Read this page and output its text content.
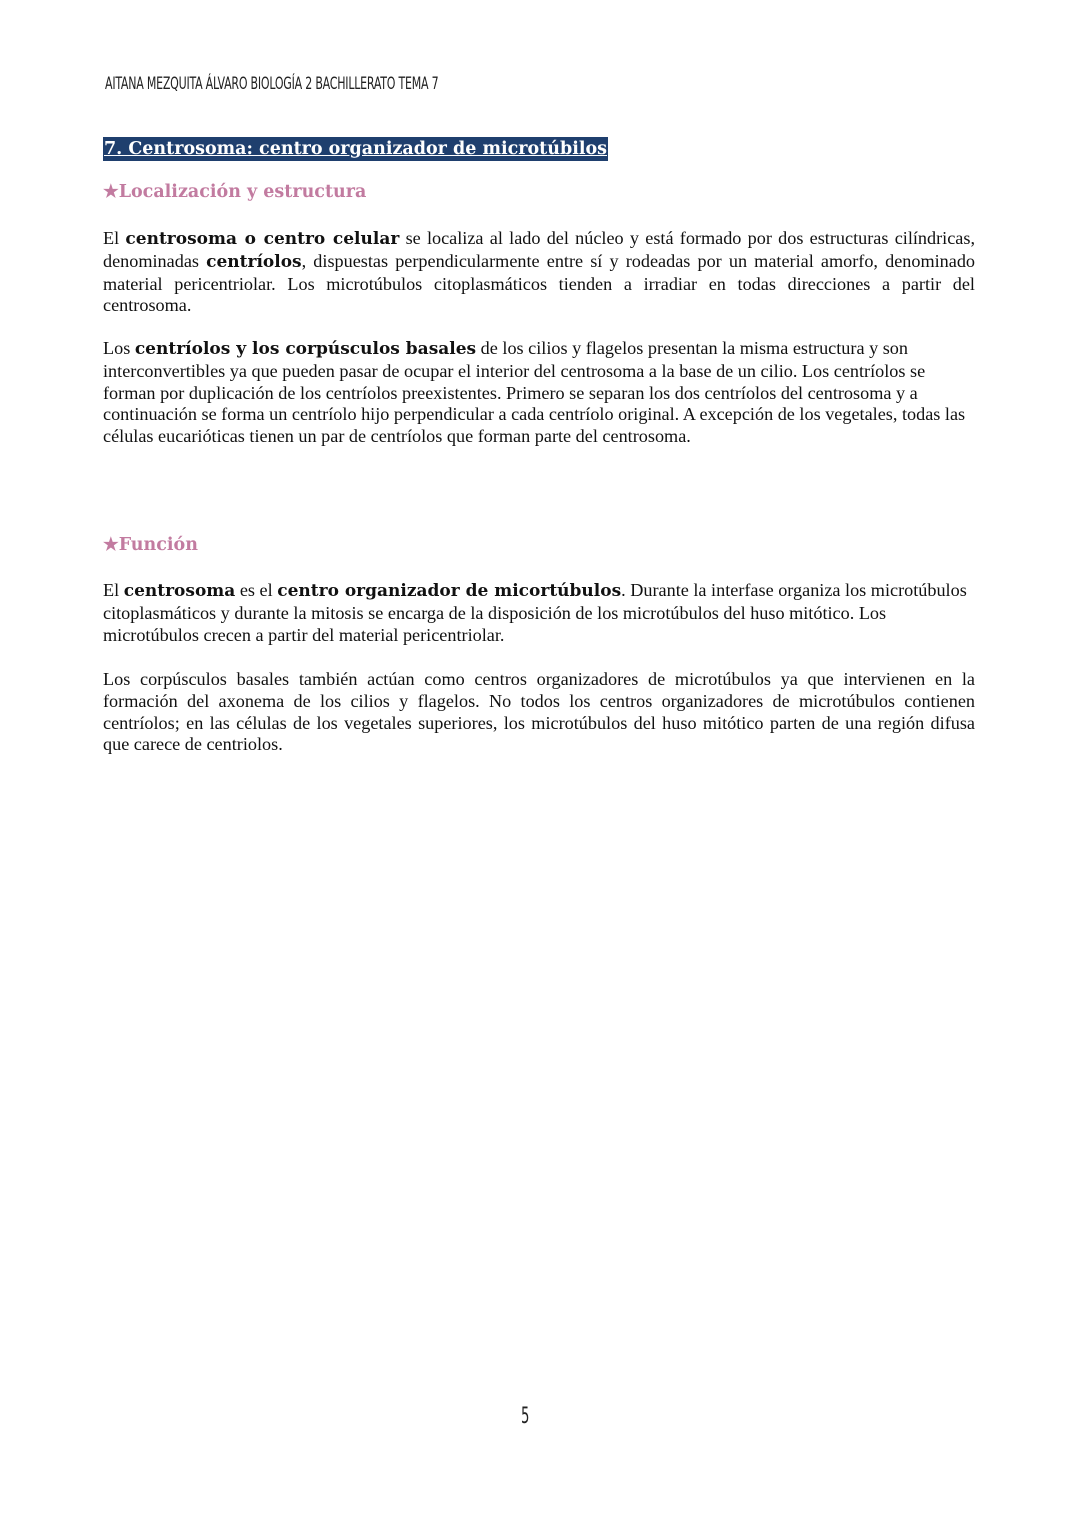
AITANA MEZQUITA ÁLVARO BIOLOGÍA 2 BACHILLERATO TEMA 7
7. Centrosoma: centro organizador de microtúbilos
★Localización y estructura

El centrosoma o centro celular se localiza al lado del núcleo y está formado por dos estructuras cilíndricas, denominadas centríolos, dispuestas perpendicularmente entre sí y rodeadas por un material amorfo, denominado material pericentriolar. Los microtúbulos citoplasmáticos tienden a irradiar en todas direcciones a partir del centrosoma.

Los centríolos y los corpúsculos basales de los cilios y flagelos presentan la misma estructura y son interconvertibles ya que pueden pasar de ocupar el interior del centrosoma a la base de un cilio. Los centríolos se forman por duplicación de los centríolos preexistentes. Primero se separan los dos centríolos del centrosoma y a continuación se forma un centríolo hijo perpendicular a cada centríolo original. A excepción de los vegetales, todas las células eucarióticas tienen un par de centríolos que forman parte del centrosoma.

★Función

El centrosoma es el centro organizador de micortúbulos. Durante la interfase organiza los microtúbulos citoplasmáticos y durante la mitosis se encarga de la disposición de los microtúbulos del huso mitótico. Los microtúbulos crecen a partir del material pericentriolar.

Los corpúsculos basales también actúan como centros organizadores de microtúbulos ya que intervienen en la formación del axonema de los cilios y flagelos. No todos los centros organizadores de microtúbulos contienen centríolos; en las células de los vegetales superiores, los microtúbulos del huso mitótico parten de una región difusa que carece de centriolos.

5
